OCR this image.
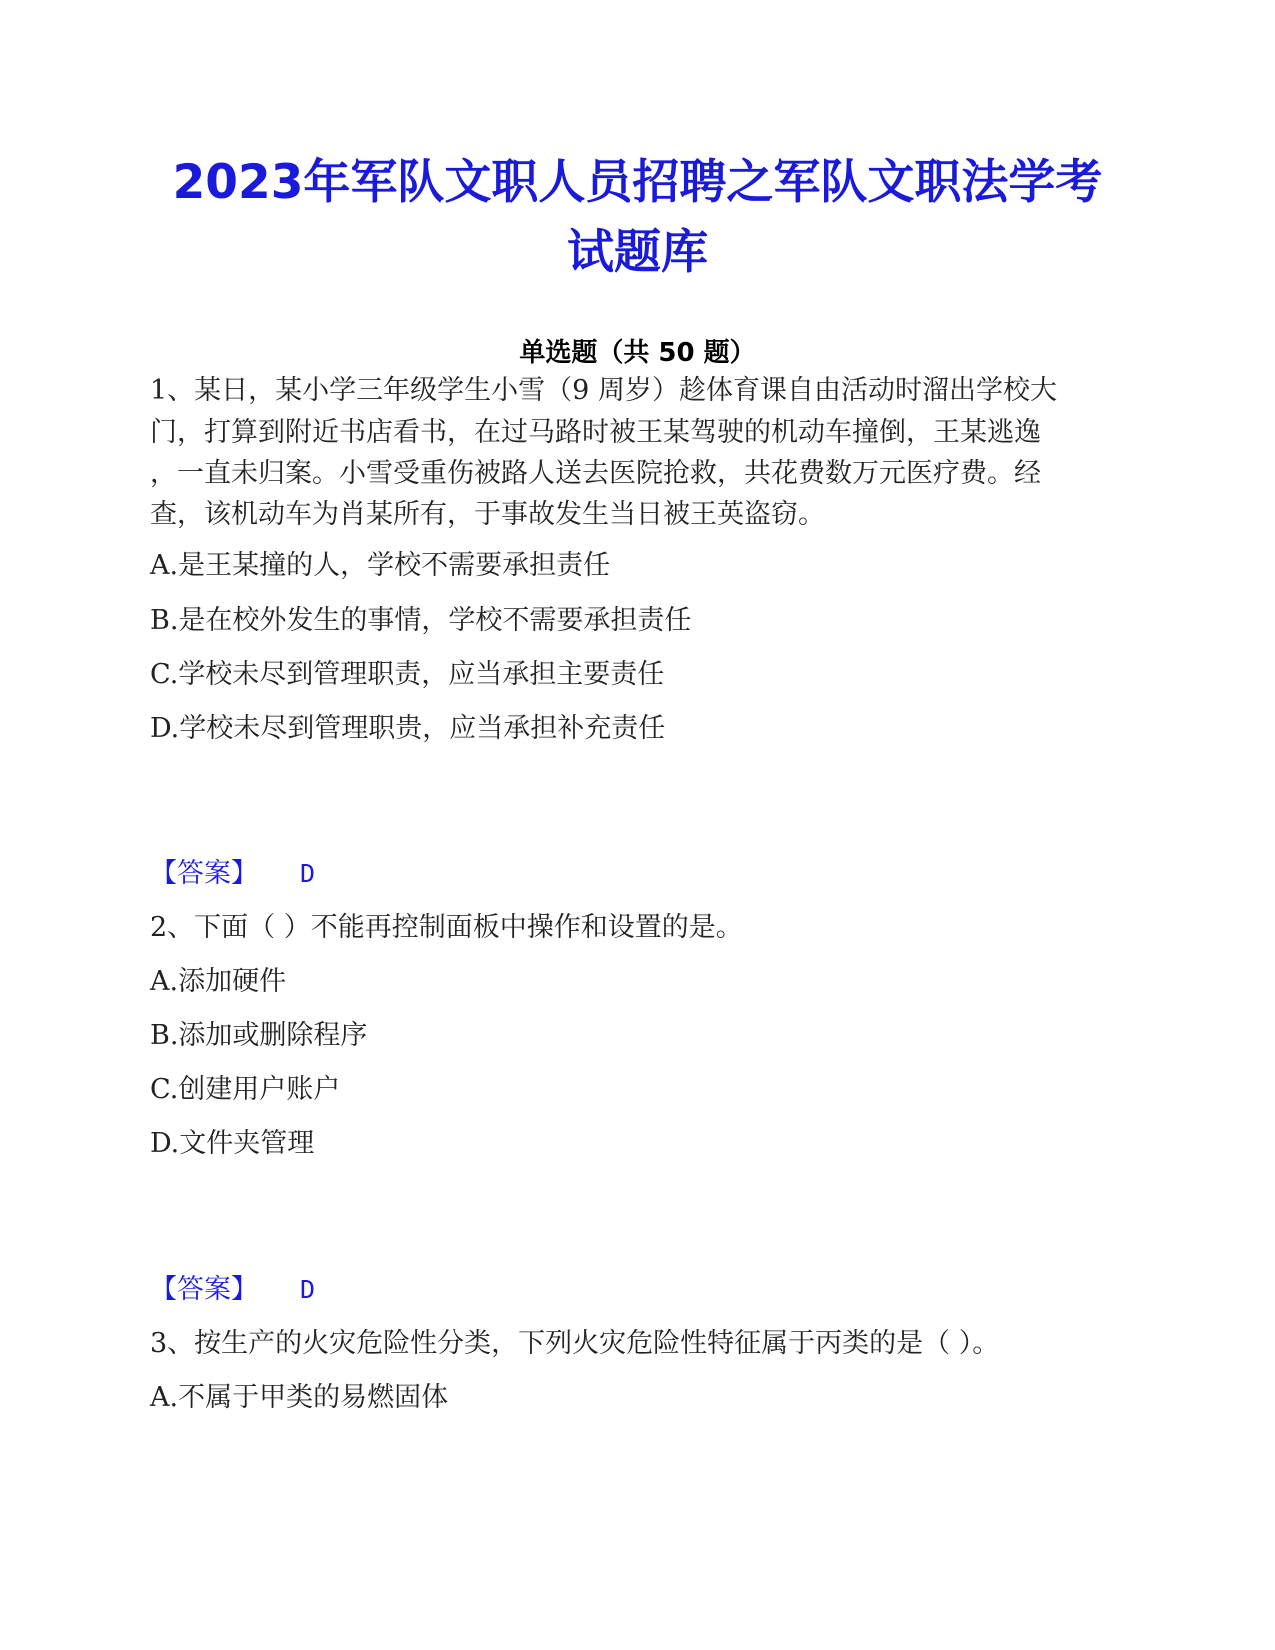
2023年军队文职人员招聘之军队文职法学考
试题库
单选题（共 50 题）
1、某日，某小学三年级学生小雪（9 周岁）趁体育课自由活动时溜出学校大
门，打算到附近书店看书，在过马路时被王某驾驶的机动车撞倒，王某逃逸
，一直未归案。小雪受重伤被路人送去医院抢救，共花费数万元医疗费。经
查，该机动车为肖某所有，于事故发生当日被王英盗窃。
A.是王某撞的人，学校不需要承担责任
B.是在校外发生的事情，学校不需要承担责任
C.学校未尽到管理职责，应当承担主要责任
D.学校未尽到管理职贵，应当承担补充责任
【答案】 D
2、下面（ ）不能再控制面板中操作和设置的是。
A.添加硬件
B.添加或删除程序
C.创建用户账户
D.文件夹管理
【答案】 D
3、按生产的火灾危险性分类，下列火灾危险性特征属于丙类的是（ ）。
A.不属于甲类的易燃固体
